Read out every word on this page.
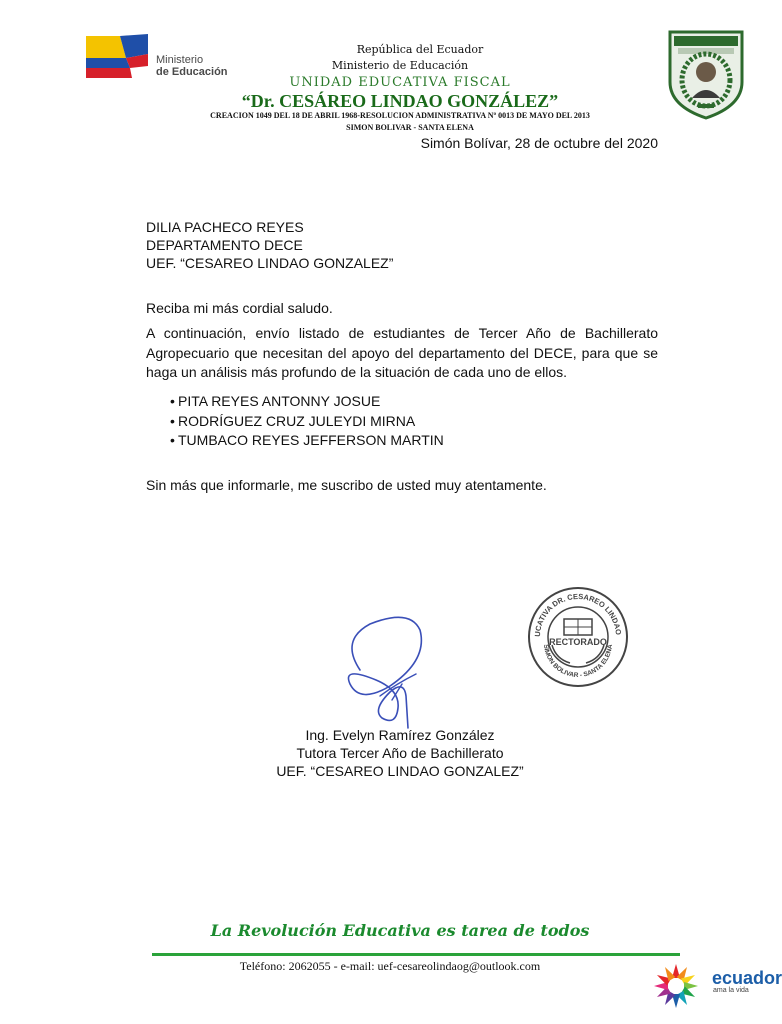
Ministerio
de Educación
República del Ecuador
Ministerio de Educación
UNIDAD EDUCATIVA FISCAL
“Dr. CESÁREO LINDAO GONZÁLEZ”
CREACION 1049 DEL 18 DE ABRIL 1968-RESOLUCION ADMINISTRATIVA Nº 0013 DE MAYO DEL 2013
SIMON BOLIVAR - SANTA ELENA
Simón Bolívar, 28 de octubre del 2020
DILIA PACHECO REYES
DEPARTAMENTO DECE
UEF. “CESAREO LINDAO GONZALEZ”
Reciba mi más cordial saludo.
A continuación, envío listado de estudiantes de Tercer Año de Bachillerato Agropecuario que necesitan del apoyo del departamento del DECE, para que se haga un análisis más profundo de la situación de cada uno de ellos.
• PITA REYES ANTONNY JOSUE
• RODRÍGUEZ CRUZ JULEYDI MIRNA
• TUMBACO REYES JEFFERSON MARTIN
Sin más que informarle, me suscribo de usted muy atentamente.
UCATIVA DR. CESAREO LINDAO
SIMON BOLIVAR - SANTA ELENA
RECTORADO
Ing. Evelyn Ramírez González
Tutora Tercer Año de Bachillerato
UEF. “CESAREO LINDAO GONZALEZ”
La Revolución Educativa es tarea de todos
Teléfono: 2062055 - e-mail: uef-cesareolindaog@outlook.com
ecuador
ama la vida
